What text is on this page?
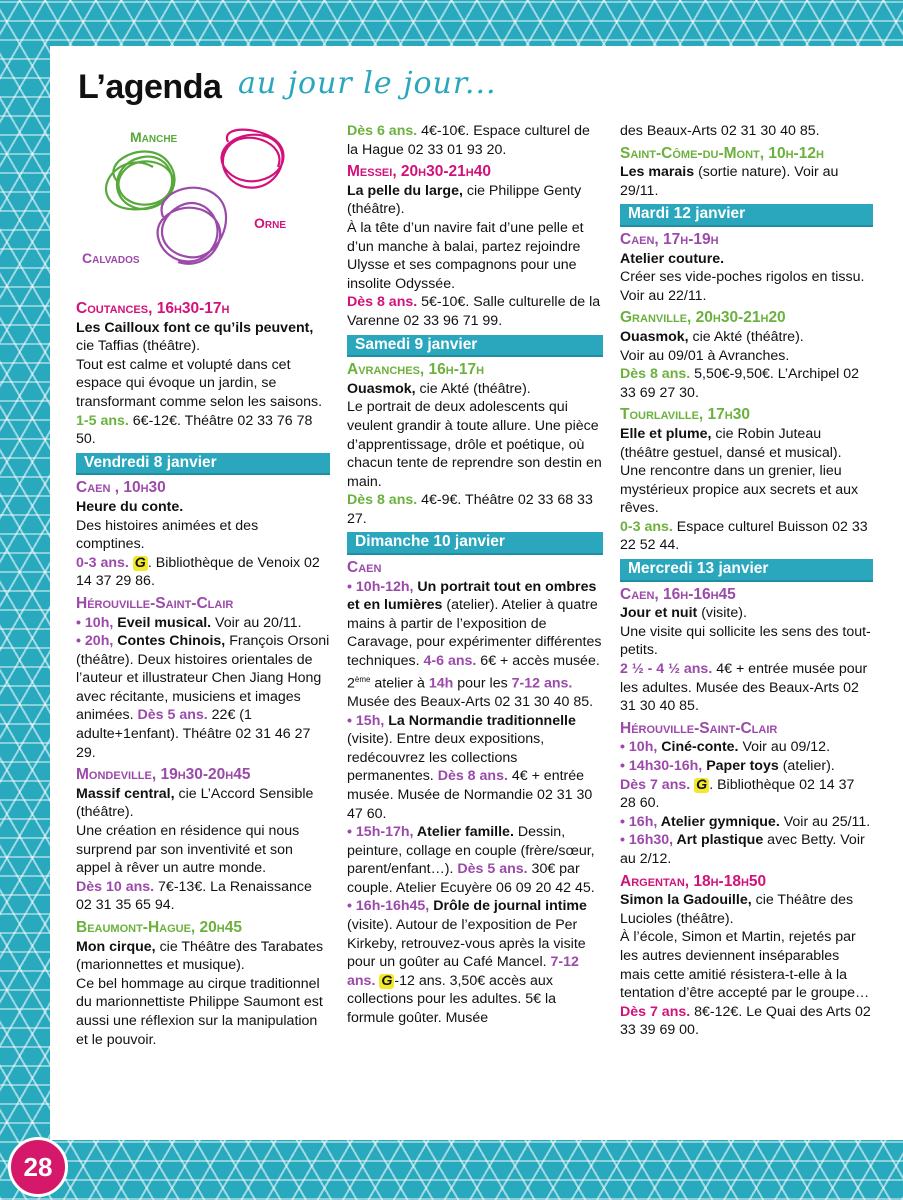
L’agenda au jour le jour...
Manche
Orne
Calvados

Coutances, 16h30-17h

Les Cailloux font ce qu’ils peuvent, cie Taffias (théâtre).

Tout est calme et volupté dans cet espace qui évoque un jardin, se transformant comme selon les saisons.

1-5 ans. 6€-12€. Théâtre 02 33 76 78 50.

Vendredi 8 janvier

Caen , 10h30

Heure du conte.

Des histoires animées et des comptines.

0-3 ans. G . Bibliothèque de Venoix 02 14 37 29 86.

Hérouville-Saint-Clair

• 10h, Eveil musical. Voir au 20/11.

• 20h, Contes Chinois, François Orsoni (théâtre). Deux histoires orientales de l’auteur et illustrateur Chen Jiang Hong avec récitante, musiciens et images animées. Dès 5 ans. 22€ (1 adulte+1enfant). Théâtre 02 31 46 27 29.

Mondeville, 19h30-20h45

Massif central, cie L’Accord Sensible (théâtre).

Une création en résidence qui nous surprend par son inventivité et son appel à rêver un autre monde.

Dès 10 ans. 7€-13€. La Renaissance 02 31 35 65 94.

Beaumont-Hague, 20h45

Mon cirque, cie Théâtre des Tarabates (marionnettes et musique).

Ce bel hommage au cirque traditionnel du marionnettiste Philippe Saumont est aussi une réflexion sur la manipulation et le pouvoir.

Dès 6 ans. 4€-10€. Espace culturel de la Hague 02 33 01 93 20.

Messei, 20h30-21h40

La pelle du large, cie Philippe Genty (théâtre).

À la tête d’un navire fait d’une pelle et d’un manche à balai, partez rejoindre Ulysse et ses compagnons pour une insolite Odyssée.

Dès 8 ans. 5€-10€. Salle culturelle de la Varenne 02 33 96 71 99.

Samedi 9 janvier

Avranches, 16h-17h

Ouasmok, cie Akté (théâtre).

Le portrait de deux adolescents qui veulent grandir à toute allure. Une pièce d’apprentissage, drôle et poétique, où chacun tente de reprendre son destin en main.

Dès 8 ans. 4€-9€. Théâtre 02 33 68 33 27.

Dimanche 10 janvier

Caen

• 10h-12h, Un portrait tout en ombres et en lumières (atelier). Atelier à quatre mains à partir de l’exposition de Caravage, pour expérimenter différentes techniques. 4-6 ans. 6€ + accès musée. 2ème atelier à 14h pour les 7-12 ans. Musée des Beaux-Arts 02 31 30 40 85.

• 15h, La Normandie traditionnelle (visite). Entre deux expositions, redécouvrez les collections permanentes. Dès 8 ans. 4€ + entrée musée. Musée de Normandie 02 31 30 47 60.

• 15h-17h, Atelier famille. Dessin, peinture, collage en couple (frère/sœur, parent/enfant…). Dès 5 ans. 30€ par couple. Atelier Ecuyère 06 09 20 42 45.

• 16h-16h45, Drôle de journal intime (visite). Autour de l’exposition de Per Kirkeby, retrouvez-vous après la visite pour un goûter au Café Mancel. 7-12 ans. G -12 ans. 3,50€ accès aux collections pour les adultes. 5€ la formule goûter. Musée

des Beaux-Arts 02 31 30 40 85.

Saint-Côme-du-Mont, 10h-12h

Les marais (sortie nature). Voir au 29/11.

Mardi 12 janvier

Caen, 17h-19h

Atelier couture.

Créer ses vide-poches rigolos en tissu. Voir au 22/11.

Granville, 20h30-21h20

Ouasmok, cie Akté (théâtre).

Voir au 09/01 à Avranches.

Dès 8 ans. 5,50€-9,50€. L’Archipel 02 33 69 27 30.

Tourlaville, 17h30

Elle et plume, cie Robin Juteau (théâtre gestuel, dansé et musical).

Une rencontre dans un grenier, lieu mystérieux propice aux secrets et aux rêves.

0-3 ans. Espace culturel Buisson 02 33 22 52 44.

Mercredi 13 janvier

Caen, 16h-16h45

Jour et nuit (visite).

Une visite qui sollicite les sens des tout-petits.

2 ½ - 4 ½ ans. 4€ + entrée musée pour les adultes. Musée des Beaux-Arts 02 31 30 40 85.

Hérouville-Saint-Clair

• 10h, Ciné-conte. Voir au 09/12.

• 14h30-16h, Paper toys (atelier).

Dès 7 ans. G . Bibliothèque 02 14 37 28 60.

• 16h, Atelier gymnique. Voir au 25/11.

• 16h30, Art plastique avec Betty. Voir au 2/12.

Argentan, 18h-18h50

Simon la Gadouille, cie Théâtre des Lucioles (théâtre).

À l’école, Simon et Martin, rejetés par les autres deviennent inséparables mais cette amitié résistera-t-elle à la tentation d’être accepté par le groupe…

Dès 7 ans. 8€-12€. Le Quai des Arts 02 33 39 69 00.

28
